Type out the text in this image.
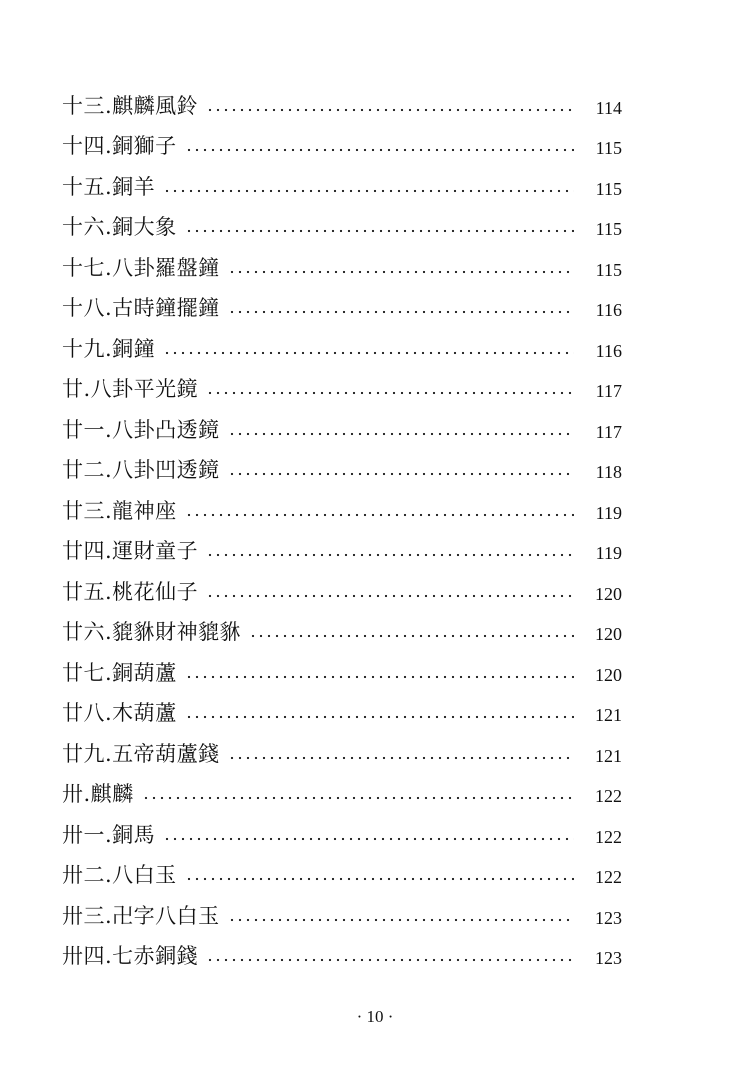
十三.麒麟風鈴	114
十四.銅獅子	115
十五.銅羊	115
十六.銅大象	115
十七.八卦羅盤鐘	115
十八.古時鐘擺鐘	116
十九.銅鐘	116
廿.八卦平光鏡	117
廿一.八卦凸透鏡	117
廿二.八卦凹透鏡	118
廿三.龍神座	119
廿四.運財童子	119
廿五.桃花仙子	120
廿六.貔貅財神貔貅	120
廿七.銅葫蘆	120
廿八.木葫蘆	121
廿九.五帝葫蘆錢	121
卅.麒麟	122
卅一.銅馬	122
卅二.八白玉	122
卅三.卍字八白玉	123
卅四.七赤銅錢	123
· 10 ·
